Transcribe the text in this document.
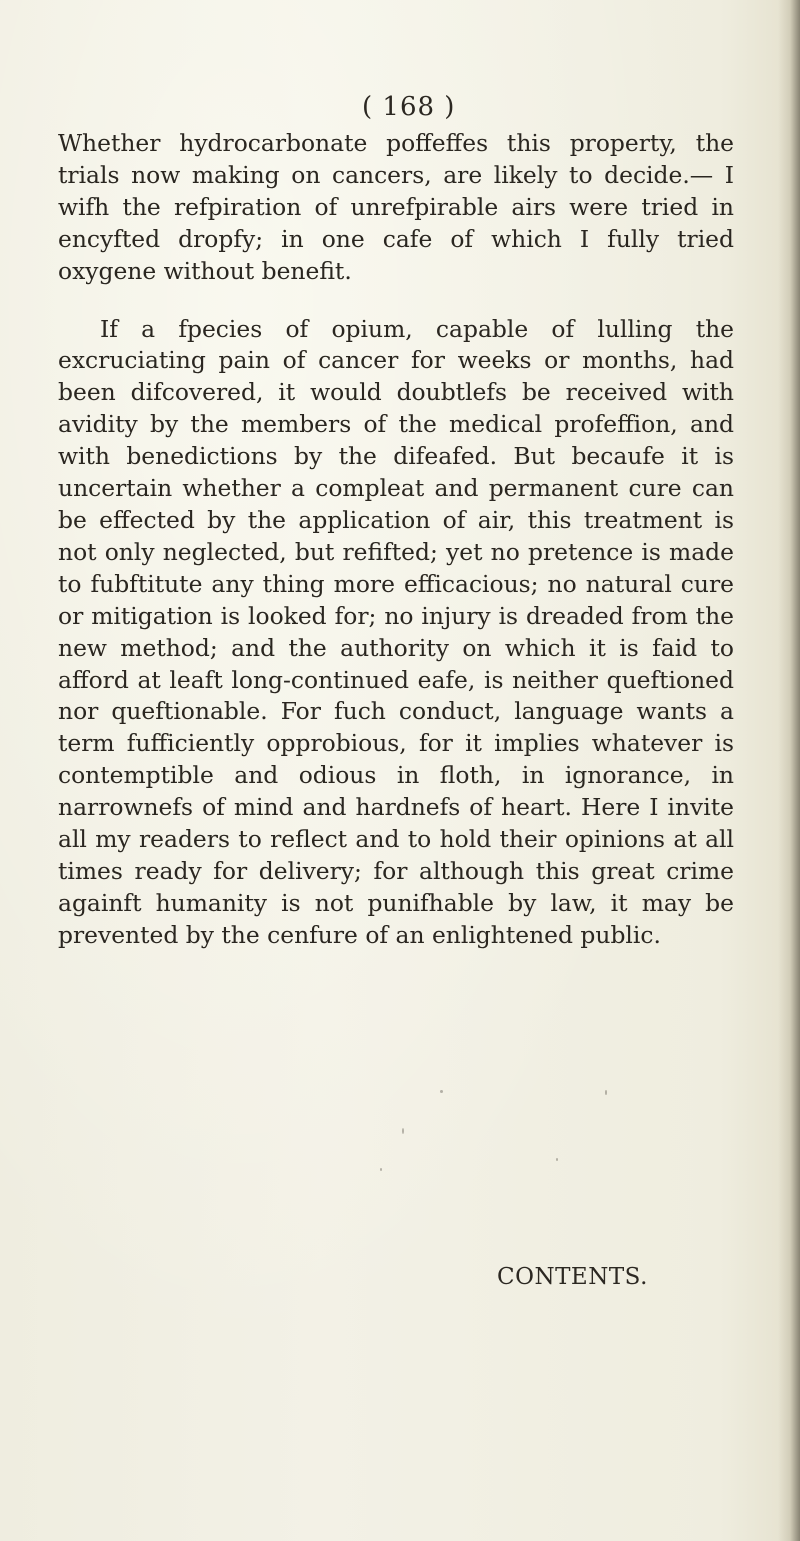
( 168 )

Whether hydrocarbonate poffeffes this property, the trials now making on cancers, are likely to decide.— I wifh the refpiration of unrefpirable airs were tried in encyfted dropfy; in one cafe of which I fully tried oxygene without benefit.

If a fpecies of opium, capable of lulling the excruciating pain of cancer for weeks or months, had been difcovered, it would doubtlefs be received with avidity by the members of the medical profeffion, and with benedictions by the difeafed. But becaufe it is uncertain whether a compleat and permanent cure can be effected by the application of air, this treatment is not only neglected, but refifted; yet no pretence is made to fubftitute any thing more efficacious; no natural cure or mitigation is looked for; no injury is dreaded from the new method; and the authority on which it is faid to afford at leaft long-continued eafe, is neither queftioned nor queftionable. For fuch conduct, language wants a term fufficiently opprobious, for it implies whatever is contemptible and odious in floth, in ignorance, in narrownefs of mind and hardnefs of heart. Here I invite all my readers to reflect and to hold their opinions at all times ready for delivery; for although this great crime againft humanity is not punifhable by law, it may be prevented by the cenfure of an enlightened public.

CONTENTS.
